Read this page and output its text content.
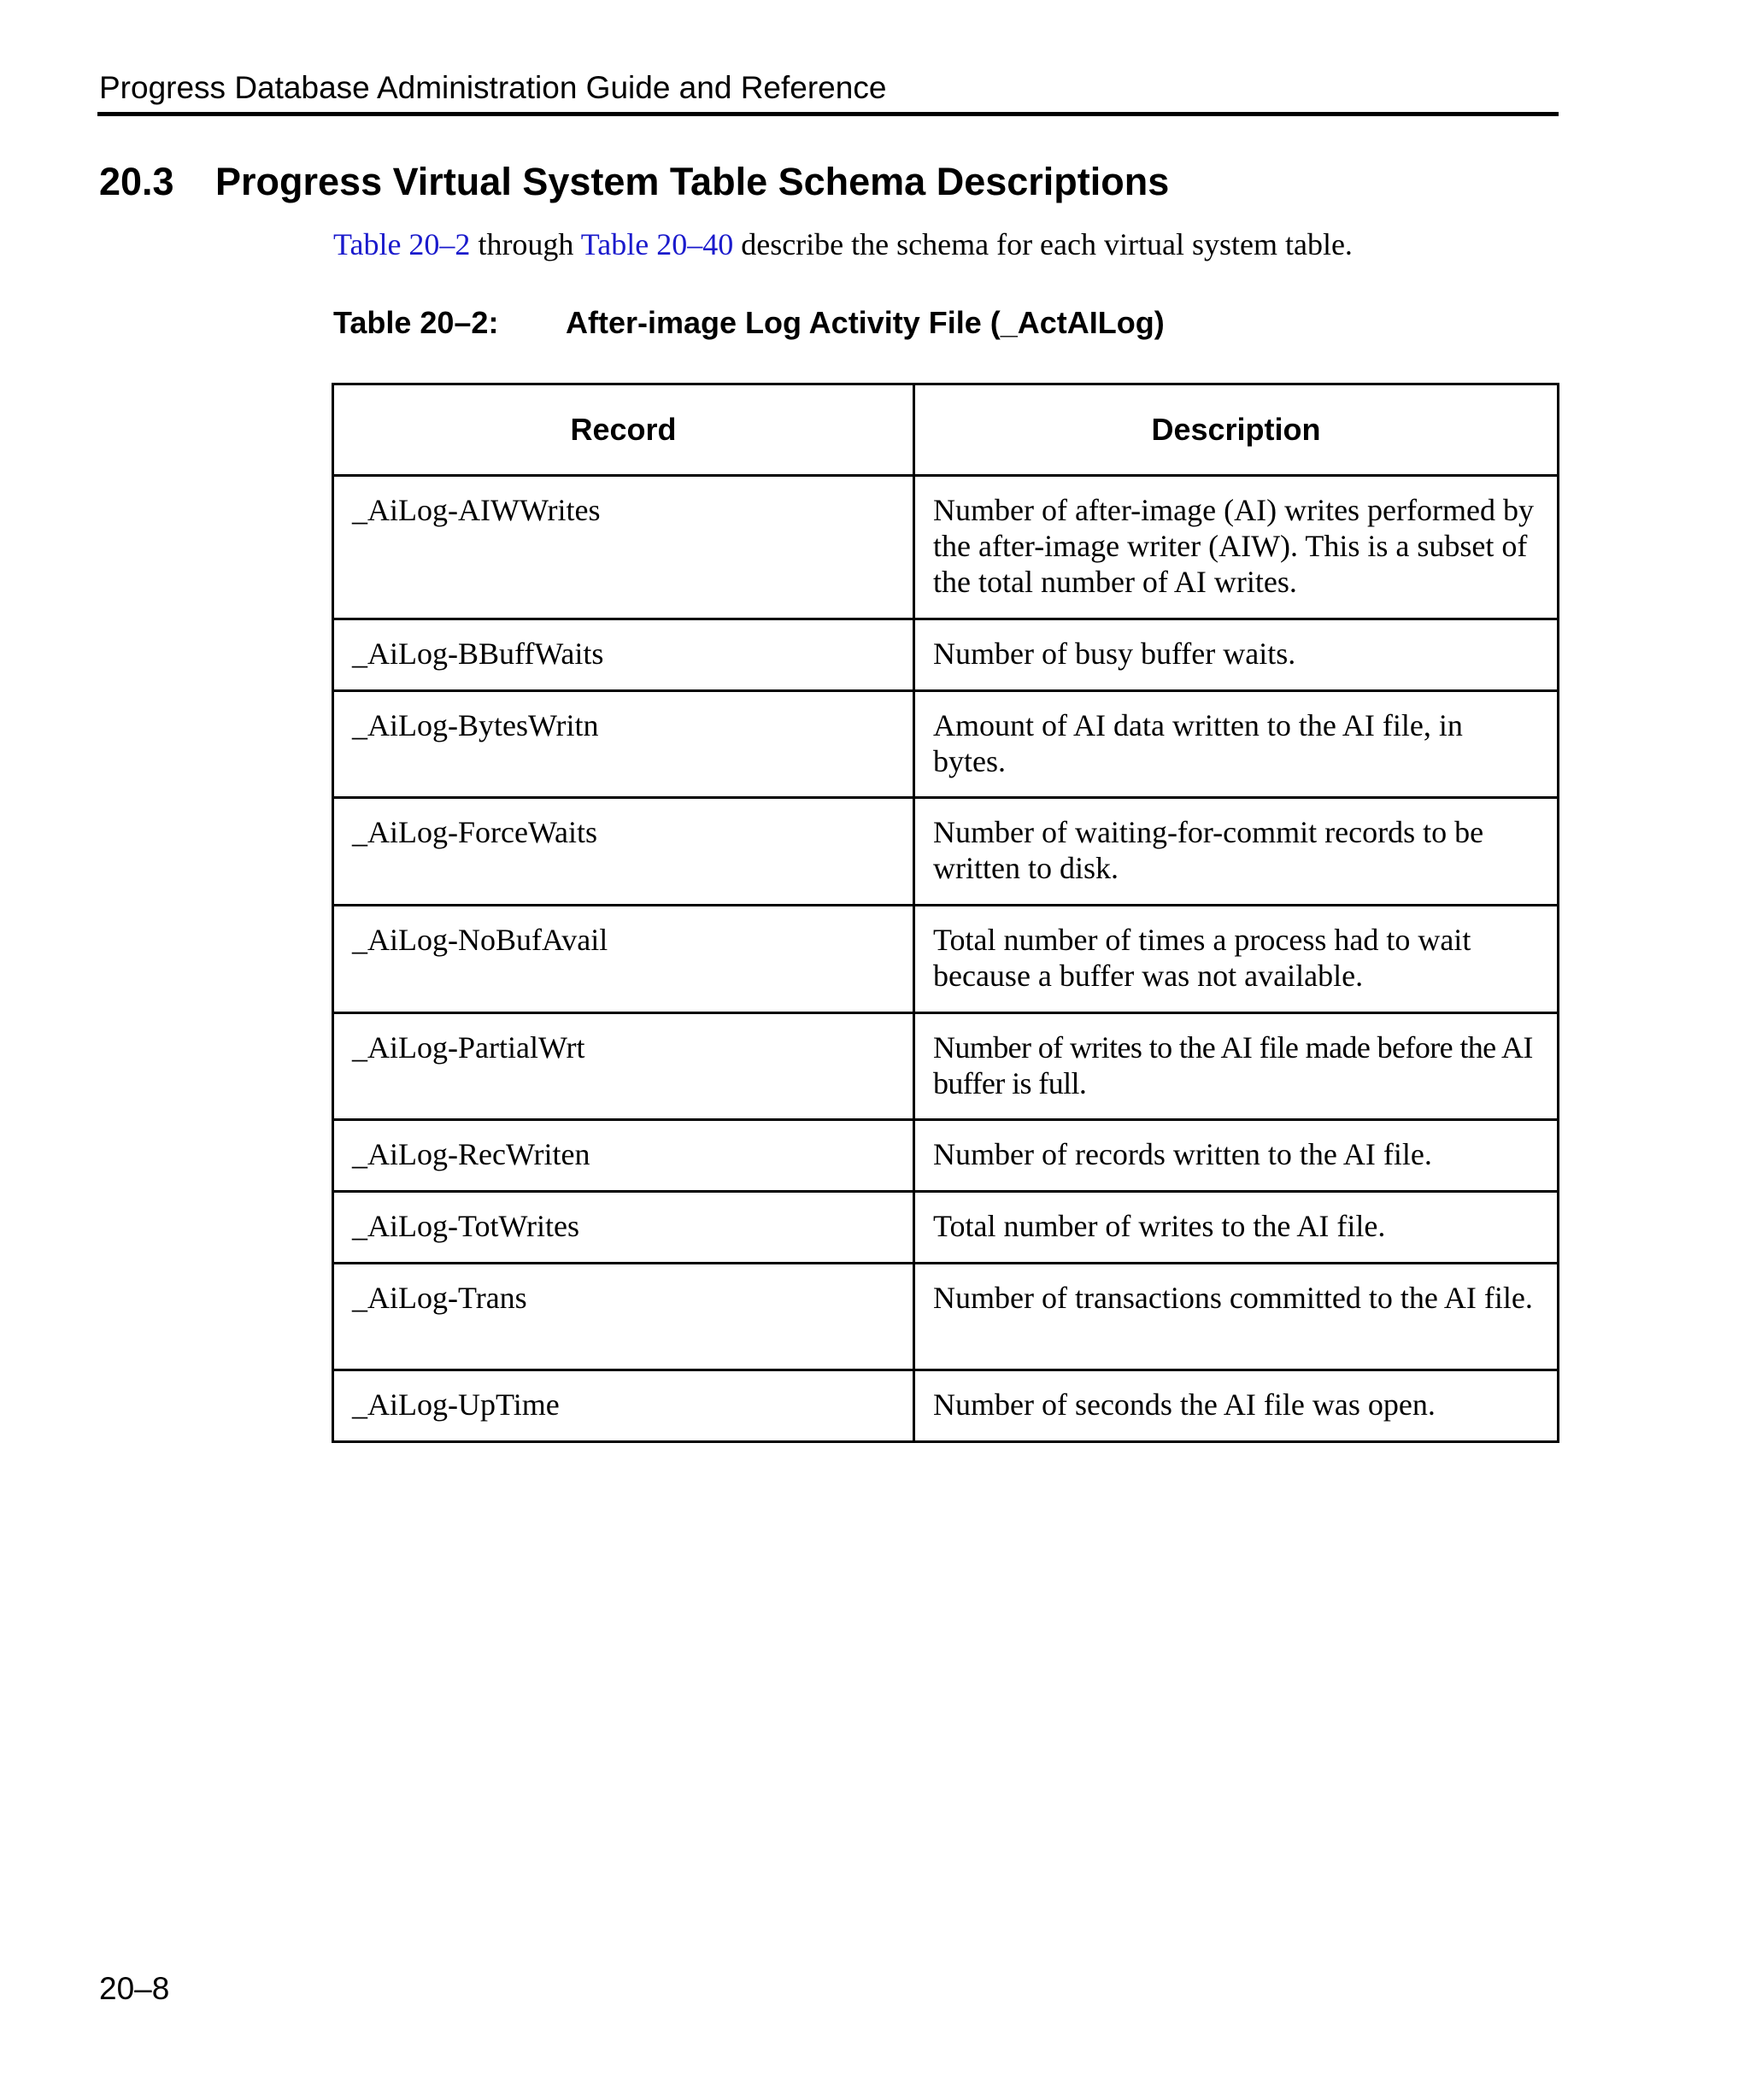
Progress Database Administration Guide and Reference
20.3 Progress Virtual System Table Schema Descriptions
Table 20–2 through Table 20–40 describe the schema for each virtual system table.
Table 20–2: After-image Log Activity File (_ActAILog)
Record	Description
_AiLog-AIWWrites	Number of after-image (AI) writes performed by the after-image writer (AIW). This is a subset of the total number of AI writes.
_AiLog-BBuffWaits	Number of busy buffer waits.
_AiLog-BytesWritn	Amount of AI data written to the AI file, in bytes.
_AiLog-ForceWaits	Number of waiting-for-commit records to be written to disk.
_AiLog-NoBufAvail	Total number of times a process had to wait because a buffer was not available.
_AiLog-PartialWrt	Number of writes to the AI file made before the AI buffer is full.
_AiLog-RecWriten	Number of records written to the AI file.
_AiLog-TotWrites	Total number of writes to the AI file.
_AiLog-Trans	Number of transactions committed to the AI file.
_AiLog-UpTime	Number of seconds the AI file was open.
20–8
